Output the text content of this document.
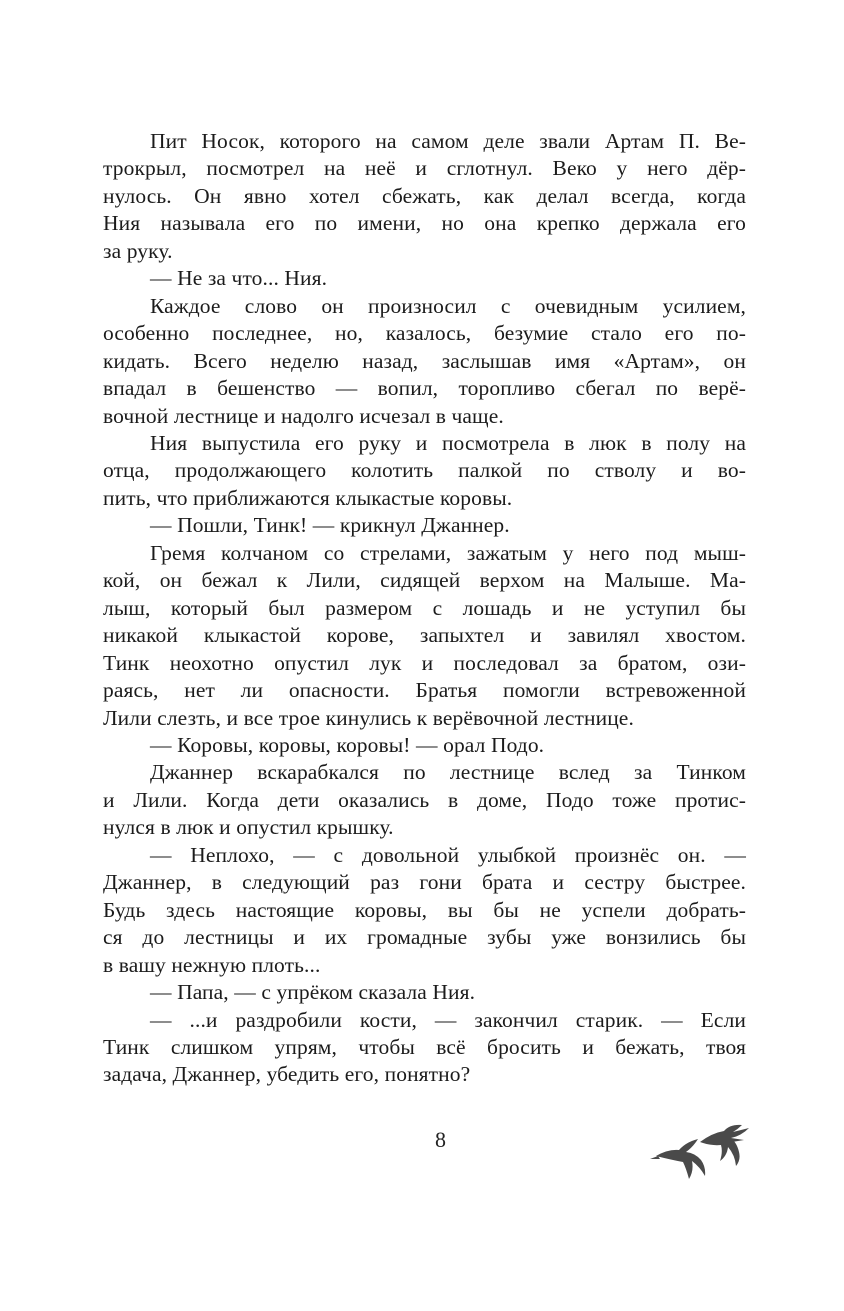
Пит Носок, которого на самом деле звали Артам П. Ве-
трокрыл, посмотрел на неё и сглотнул. Веко у него дёр-
нулось. Он явно хотел сбежать, как делал всегда, когда
Ния называла его по имени, но она крепко держала его
за руку.
— Не за что... Ния.
Каждое слово он произносил с очевидным усилием,
особенно последнее, но, казалось, безумие стало его по-
кидать. Всего неделю назад, заслышав имя «Артам», он
впадал в бешенство — вопил, торопливо сбегал по верё-
вочной лестнице и надолго исчезал в чаще.
Ния выпустила его руку и посмотрела в люк в полу на
отца, продолжающего колотить палкой по стволу и во-
пить, что приближаются клыкастые коровы.
— Пошли, Тинк! — крикнул Джаннер.
Гремя колчаном со стрелами, зажатым у него под мыш-
кой, он бежал к Лили, сидящей верхом на Малыше. Ма-
лыш, который был размером с лошадь и не уступил бы
никакой клыкастой корове, запыхтел и завилял хвостом.
Тинк неохотно опустил лук и последовал за братом, ози-
раясь, нет ли опасности. Братья помогли встревоженной
Лили слезть, и все трое кинулись к верёвочной лестнице.
— Коровы, коровы, коровы! — орал Подо.
Джаннер вскарабкался по лестнице вслед за Тинком
и Лили. Когда дети оказались в доме, Подо тоже протис-
нулся в люк и опустил крышку.
— Неплохо, — с довольной улыбкой произнёс он. —
Джаннер, в следующий раз гони брата и сестру быстрее.
Будь здесь настоящие коровы, вы бы не успели добрать-
ся до лестницы и их громадные зубы уже вонзились бы
в вашу нежную плоть...
— Папа, — с упрёком сказала Ния.
— ...и раздробили кости, — закончил старик. — Если
Тинк слишком упрям, чтобы всё бросить и бежать, твоя
задача, Джаннер, убедить его, понятно?
8
